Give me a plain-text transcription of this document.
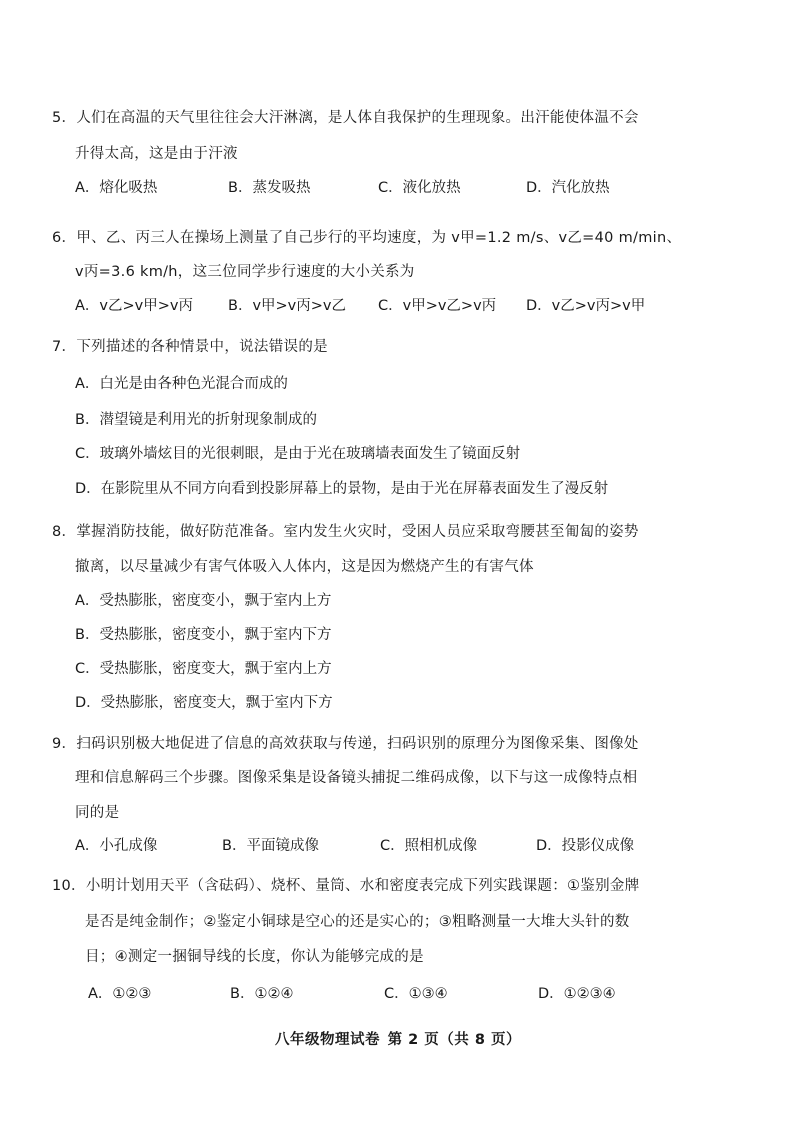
5．人们在高温的天气里往往会大汗淋漓，是人体自我保护的生理现象。出汗能使体温不会
升得太高，这是由于汗液
A．熔化吸热	B．蒸发吸热	C．液化放热	D．汽化放热
6．甲、乙、丙三人在操场上测量了自己步行的平均速度，为 v甲=1.2 m/s、v乙=40 m/min、
v丙=3.6 km/h，这三位同学步行速度的大小关系为
A．v乙>v甲>v丙 B．v甲>v丙>v乙 C．v甲>v乙>v丙 D．v乙>v丙>v甲
7．下列描述的各种情景中，说法错误的是
A．白光是由各种色光混合而成的
B．潜望镜是利用光的折射现象制成的
C．玻璃外墙炫目的光很刺眼，是由于光在玻璃墙表面发生了镜面反射
D．在影院里从不同方向看到投影屏幕上的景物，是由于光在屏幕表面发生了漫反射
8．掌握消防技能，做好防范准备。室内发生火灾时，受困人员应采取弯腰甚至匍匐的姿势
撤离，以尽量减少有害气体吸入人体内，这是因为燃烧产生的有害气体
A．受热膨胀，密度变小，飘于室内上方
B．受热膨胀，密度变小，飘于室内下方
C．受热膨胀，密度变大，飘于室内上方
D．受热膨胀，密度变大，飘于室内下方
9．扫码识别极大地促进了信息的高效获取与传递，扫码识别的原理分为图像采集、图像处
理和信息解码三个步骤。图像采集是设备镜头捕捉二维码成像，以下与这一成像特点相
同的是
A．小孔成像	B．平面镜成像	C．照相机成像	D．投影仪成像
10．小明计划用天平（含砝码）、烧杯、量筒、水和密度表完成下列实践课题：①鉴别金牌
是否是纯金制作；②鉴定小铜球是空心的还是实心的；③粗略测量一大堆大头针的数
目；④测定一捆铜导线的长度，你认为能够完成的是
A．①②③	B．①②④	C．①③④	D．①②③④
八年级物理试卷 第 2 页（共 8 页）
